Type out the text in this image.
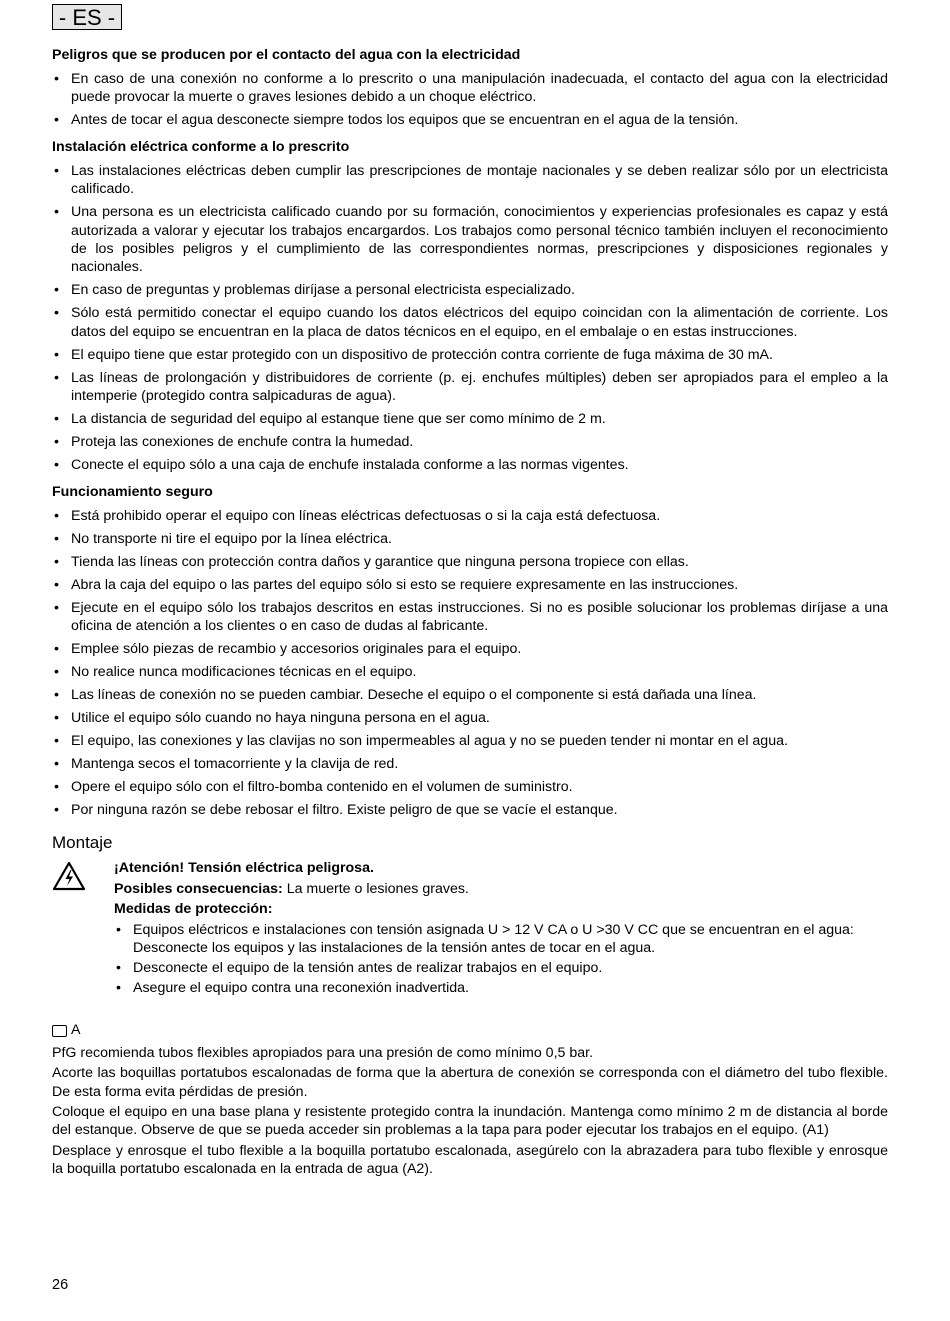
- ES -
Peligros que se producen por el contacto del agua con la electricidad
• En caso de una conexión no conforme a lo prescrito o una manipulación inadecuada, el contacto del agua con la electricidad puede provocar la muerte o graves lesiones debido a un choque eléctrico.
• Antes de tocar el agua desconecte siempre todos los equipos que se encuentran en el agua de la tensión.
Instalación eléctrica conforme a lo prescrito
• Las instalaciones eléctricas deben cumplir las prescripciones de montaje nacionales y se deben realizar sólo por un electricista calificado.
• Una persona es un electricista calificado cuando por su formación, conocimientos y experiencias profesionales es capaz y está autorizada a valorar y ejecutar los trabajos encargardos. Los trabajos como personal técnico también incluyen el reconocimiento de los posibles peligros y el cumplimiento de las correspondientes normas, prescripciones y disposiciones regionales y nacionales.
• En caso de preguntas y problemas diríjase a personal electricista especializado.
• Sólo está permitido conectar el equipo cuando los datos eléctricos del equipo coincidan con la alimentación de corriente. Los datos del equipo se encuentran en la placa de datos técnicos en el equipo, en el embalaje o en estas instrucciones.
• El equipo tiene que estar protegido con un dispositivo de protección contra corriente de fuga máxima de 30 mA.
• Las líneas de prolongación y distribuidores de corriente (p. ej. enchufes múltiples) deben ser apropiados para el empleo a la intemperie (protegido contra salpicaduras de agua).
• La distancia de seguridad del equipo al estanque tiene que ser como mínimo de 2 m.
• Proteja las conexiones de enchufe contra la humedad.
• Conecte el equipo sólo a una caja de enchufe instalada conforme a las normas vigentes.
Funcionamiento seguro
• Está prohibido operar el equipo con líneas eléctricas defectuosas o si la caja está defectuosa.
• No transporte ni tire el equipo por la línea eléctrica.
• Tienda las líneas con protección contra daños y garantice que ninguna persona tropiece con ellas.
• Abra la caja del equipo o las partes del equipo sólo si esto se requiere expresamente en las instrucciones.
• Ejecute en el equipo sólo los trabajos descritos en estas instrucciones. Si no es posible solucionar los problemas diríjase a una oficina de atención a los clientes o en caso de dudas al fabricante.
• Emplee sólo piezas de recambio y accesorios originales para el equipo.
• No realice nunca modificaciones técnicas en el equipo.
• Las líneas de conexión no se pueden cambiar. Deseche el equipo o el componente si está dañada una línea.
• Utilice el equipo sólo cuando no haya ninguna persona en el agua.
• El equipo, las conexiones y las clavijas no son impermeables al agua y no se pueden tender ni montar en el agua.
• Mantenga secos el tomacorriente y la clavija de red.
• Opere el equipo sólo con el filtro-bomba contenido en el volumen de suministro.
• Por ninguna razón se debe rebosar el filtro. Existe peligro de que se vacíe el estanque.
Montaje

¡Atención! Tensión eléctrica peligrosa.

Posibles consecuencias: La muerte o lesiones graves.

Medidas de protección:

• Equipos eléctricos e instalaciones con tensión asignada U > 12 V CA o U >30 V CC que se encuentran en el agua: Desconecte los equipos y las instalaciones de la tensión antes de tocar en el agua.
• Desconecte el equipo de la tensión antes de realizar trabajos en el equipo.
• Asegure el equipo contra una reconexión inadvertida.
A

PfG recomienda tubos flexibles apropiados para una presión de como mínimo 0,5 bar.

Acorte las boquillas portatubos escalonadas de forma que la abertura de conexión se corresponda con el diámetro del tubo flexible. De esta forma evita pérdidas de presión.

Coloque el equipo en una base plana y resistente protegido contra la inundación. Mantenga como mínimo 2 m de distancia al borde del estanque. Observe de que se pueda acceder sin problemas a la tapa para poder ejecutar los trabajos en el equipo. (A1)

Desplace y enrosque el tubo flexible a la boquilla portatubo escalonada, asegúrelo con la abrazadera para tubo flexible y enrosque la boquilla portatubo escalonada en la entrada de agua (A2).

26
